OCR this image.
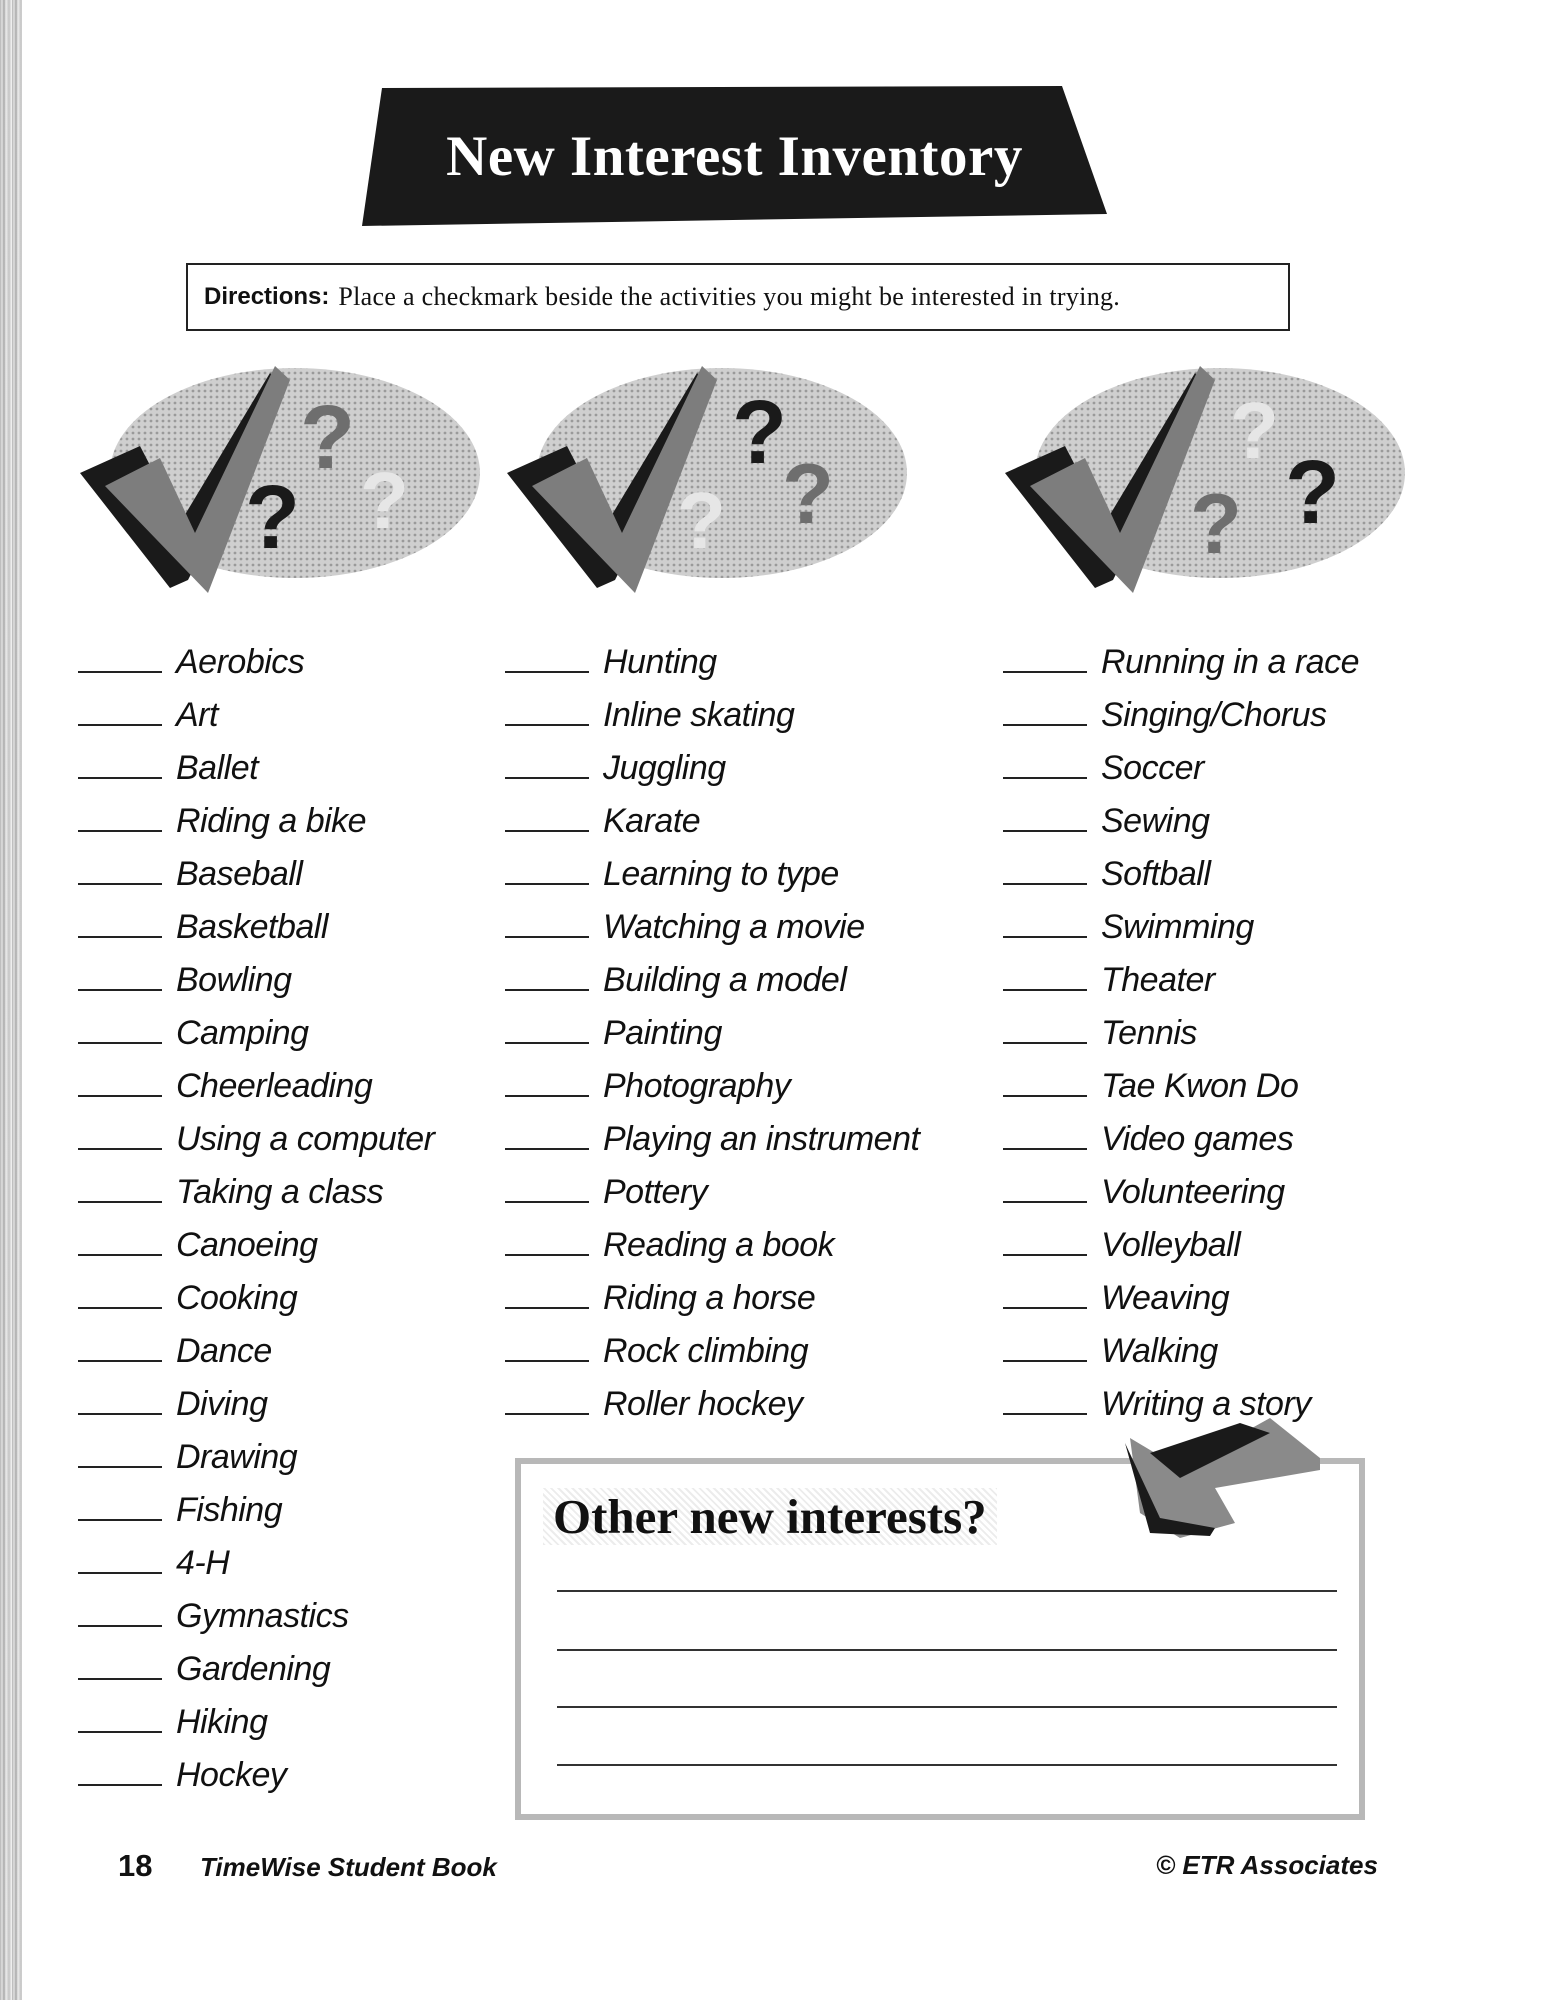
New Interest Inventory
Directions: Place a checkmark beside the activities you might be interested in trying.
?
? ?
?
? ?
?
? ?
Aerobics
Art
Ballet
Riding a bike
Baseball
Basketball
Bowling
Camping
Cheerleading
Using a computer
Taking a class
Canoeing
Cooking
Dance
Diving
Drawing
Fishing
4-H
Gymnastics
Gardening
Hiking
Hockey
Hunting
Inline skating
Juggling
Karate
Learning to type
Watching a movie
Building a model
Painting
Photography
Playing an instrument
Pottery
Reading a book
Riding a horse
Rock climbing
Roller hockey
Running in a race
Singing/Chorus
Soccer
Sewing
Softball
Swimming
Theater
Tennis
Tae Kwon Do
Video games
Volunteering
Volleyball
Weaving
Walking
Writing a story
Other new interests?
18 TimeWise Student Book	© ETR Associates
